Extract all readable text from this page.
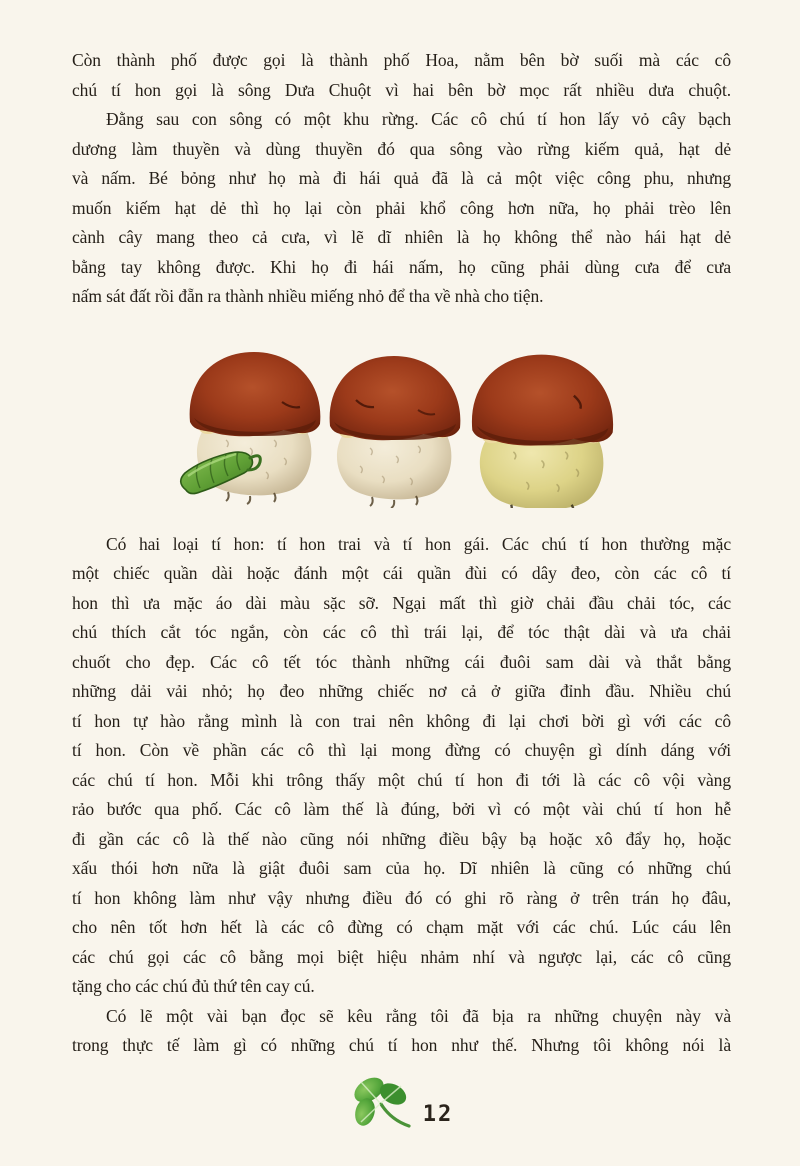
Còn thành phố được gọi là thành phố Hoa, nằm bên bờ suối mà các cô
chú tí hon gọi là sông Dưa Chuột vì hai bên bờ mọc rất nhiều dưa chuột.
Đằng sau con sông có một khu rừng. Các cô chú tí hon lấy vỏ cây bạch
dương làm thuyền và dùng thuyền đó qua sông vào rừng kiếm quả, hạt dẻ
và nấm. Bé bỏng như họ mà đi hái quả đã là cả một việc công phu, nhưng
muốn kiếm hạt dẻ thì họ lại còn phải khổ công hơn nữa, họ phải trèo lên
cành cây mang theo cả cưa, vì lẽ dĩ nhiên là họ không thể nào hái hạt dẻ
bằng tay không được. Khi họ đi hái nấm, họ cũng phải dùng cưa để cưa
nấm sát đất rồi đẵn ra thành nhiều miếng nhỏ để tha về nhà cho tiện.
Có hai loại tí hon: tí hon trai và tí hon gái. Các chú tí hon thường mặc
một chiếc quần dài hoặc đánh một cái quần đùi có dây đeo, còn các cô tí
hon thì ưa mặc áo dài màu sặc sỡ. Ngại mất thì giờ chải đầu chải tóc, các
chú thích cắt tóc ngắn, còn các cô thì trái lại, để tóc thật dài và ưa chải
chuốt cho đẹp. Các cô tết tóc thành những cái đuôi sam dài và thắt bằng
những dải vải nhỏ; họ đeo những chiếc nơ cả ở giữa đỉnh đầu. Nhiều chú
tí hon tự hào rằng mình là con trai nên không đi lại chơi bời gì với các cô
tí hon. Còn về phần các cô thì lại mong đừng có chuyện gì dính dáng với
các chú tí hon. Mỗi khi trông thấy một chú tí hon đi tới là các cô vội vàng
rảo bước qua phố. Các cô làm thế là đúng, bởi vì có một vài chú tí hon hễ
đi gần các cô là thế nào cũng nói những điều bậy bạ hoặc xô đẩy họ, hoặc
xấu thói hơn nữa là giật đuôi sam của họ. Dĩ nhiên là cũng có những chú
tí hon không làm như vậy nhưng điều đó có ghi rõ ràng ở trên trán họ đâu,
cho nên tốt hơn hết là các cô đừng có chạm mặt với các chú. Lúc cáu lên
các chú gọi các cô bằng mọi biệt hiệu nhảm nhí và ngược lại, các cô cũng
tặng cho các chú đủ thứ tên cay cú.
Có lẽ một vài bạn đọc sẽ kêu rằng tôi đã bịa ra những chuyện này và
trong thực tế làm gì có những chú tí hon như thế. Nhưng tôi không nói là
12
